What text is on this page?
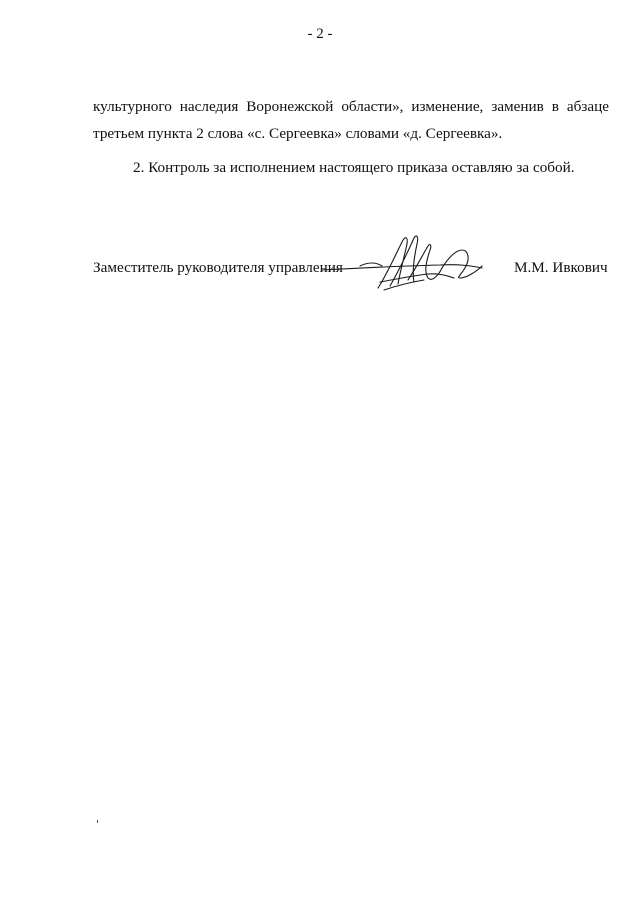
- 2 -
культурного наследия Воронежской области», изменение, заменив в абзаце
третьем пункта 2 слова «с. Сергеевка» словами «д. Сергеевка».
2. Контроль за исполнением настоящего приказа оставляю за собой.
Заместитель руководителя управления	М.М. Ивкович
